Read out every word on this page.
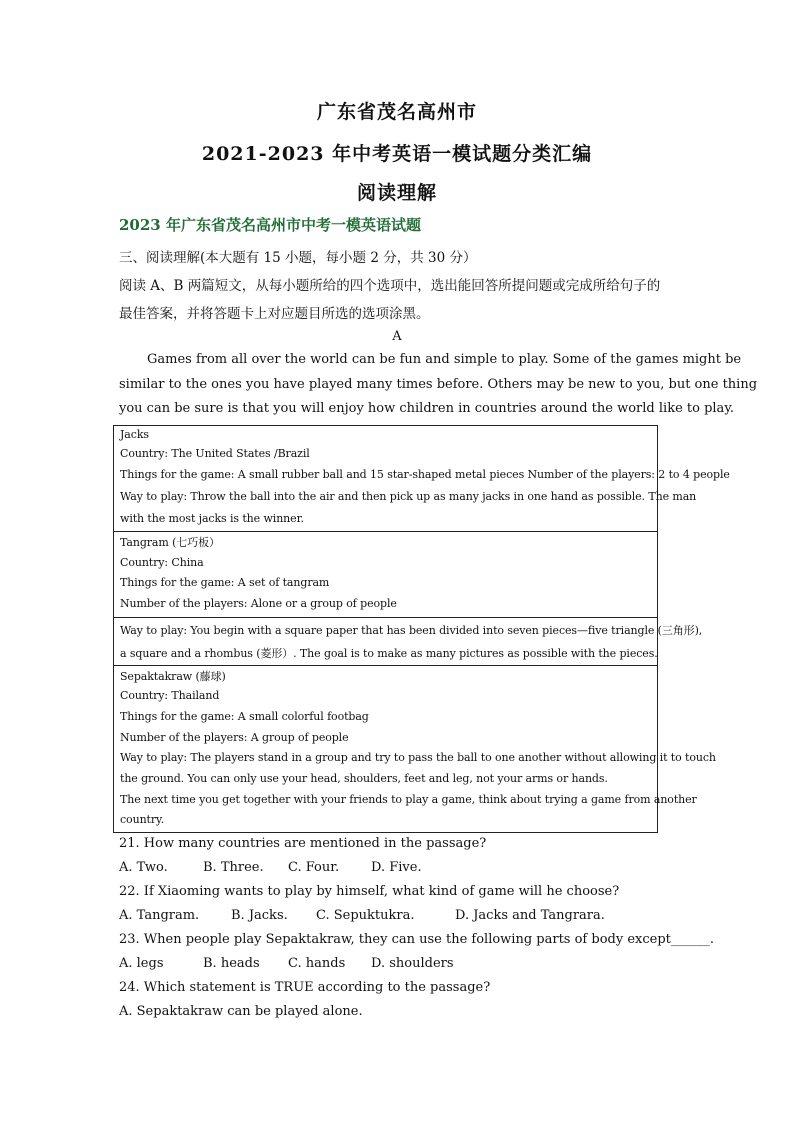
广东省茂名高州市
2021-2023 年中考英语一模试题分类汇编
阅读理解
2023 年广东省茂名高州市中考一模英语试题
三、阅读理解(本大题有 15 小题，每小题 2 分，共 30 分）
阅读 A、B 两篇短文，从每小题所给的四个选项中，选出能回答所提问题或完成所给句子的
最佳答案，并将答题卡上对应题目所选的选项涂黑。
A
Games from all over the world can be fun and simple to play. Some of the games might be
similar to the ones you have played many times before. Others may be new to you, but one thing
you can be sure is that you will enjoy how children in countries around the world like to play.
Jacks
Country: The United States /Brazil
Things for the game: A small rubber ball and 15 star-shaped metal pieces Number of the players: 2 to 4 people
Way to play: Throw the ball into the air and then pick up as many jacks in one hand as possible. The man
with the most jacks is the winner.
Tangram (七巧板）
Country: China
Things for the game: A set of tangram
Number of the players: Alone or a group of people
Way to play: You begin with a square paper that has been divided into seven pieces—five triangle (三角形),
a square and a rhombus (菱形）. The goal is to make as many pictures as possible with the pieces.
Sepaktakraw (藤球)
Country: Thailand
Things for the game: A small colorful footbag
Number of the players: A group of people
Way to play: The players stand in a group and try to pass the ball to one another without allowing it to touch
the ground. You can only use your head, shoulders, feet and leg, not your arms or hands.
The next time you get together with your friends to play a game, think about trying a game from another
country.
21. How many countries are mentioned in the passage?
A. Two.	B. Three. C. Four. D. Five.
22. If Xiaoming wants to play by himself, what kind of game will he choose?
A. Tangram. B. Jacks. C. Sepuktukra.	D. Jacks and Tangrara.
23. When people play Sepaktakraw, they can use the following parts of body except______.
A. legs	B. heads C. hands D. shoulders
24. Which statement is TRUE according to the passage?
A. Sepaktakraw can be played alone.
